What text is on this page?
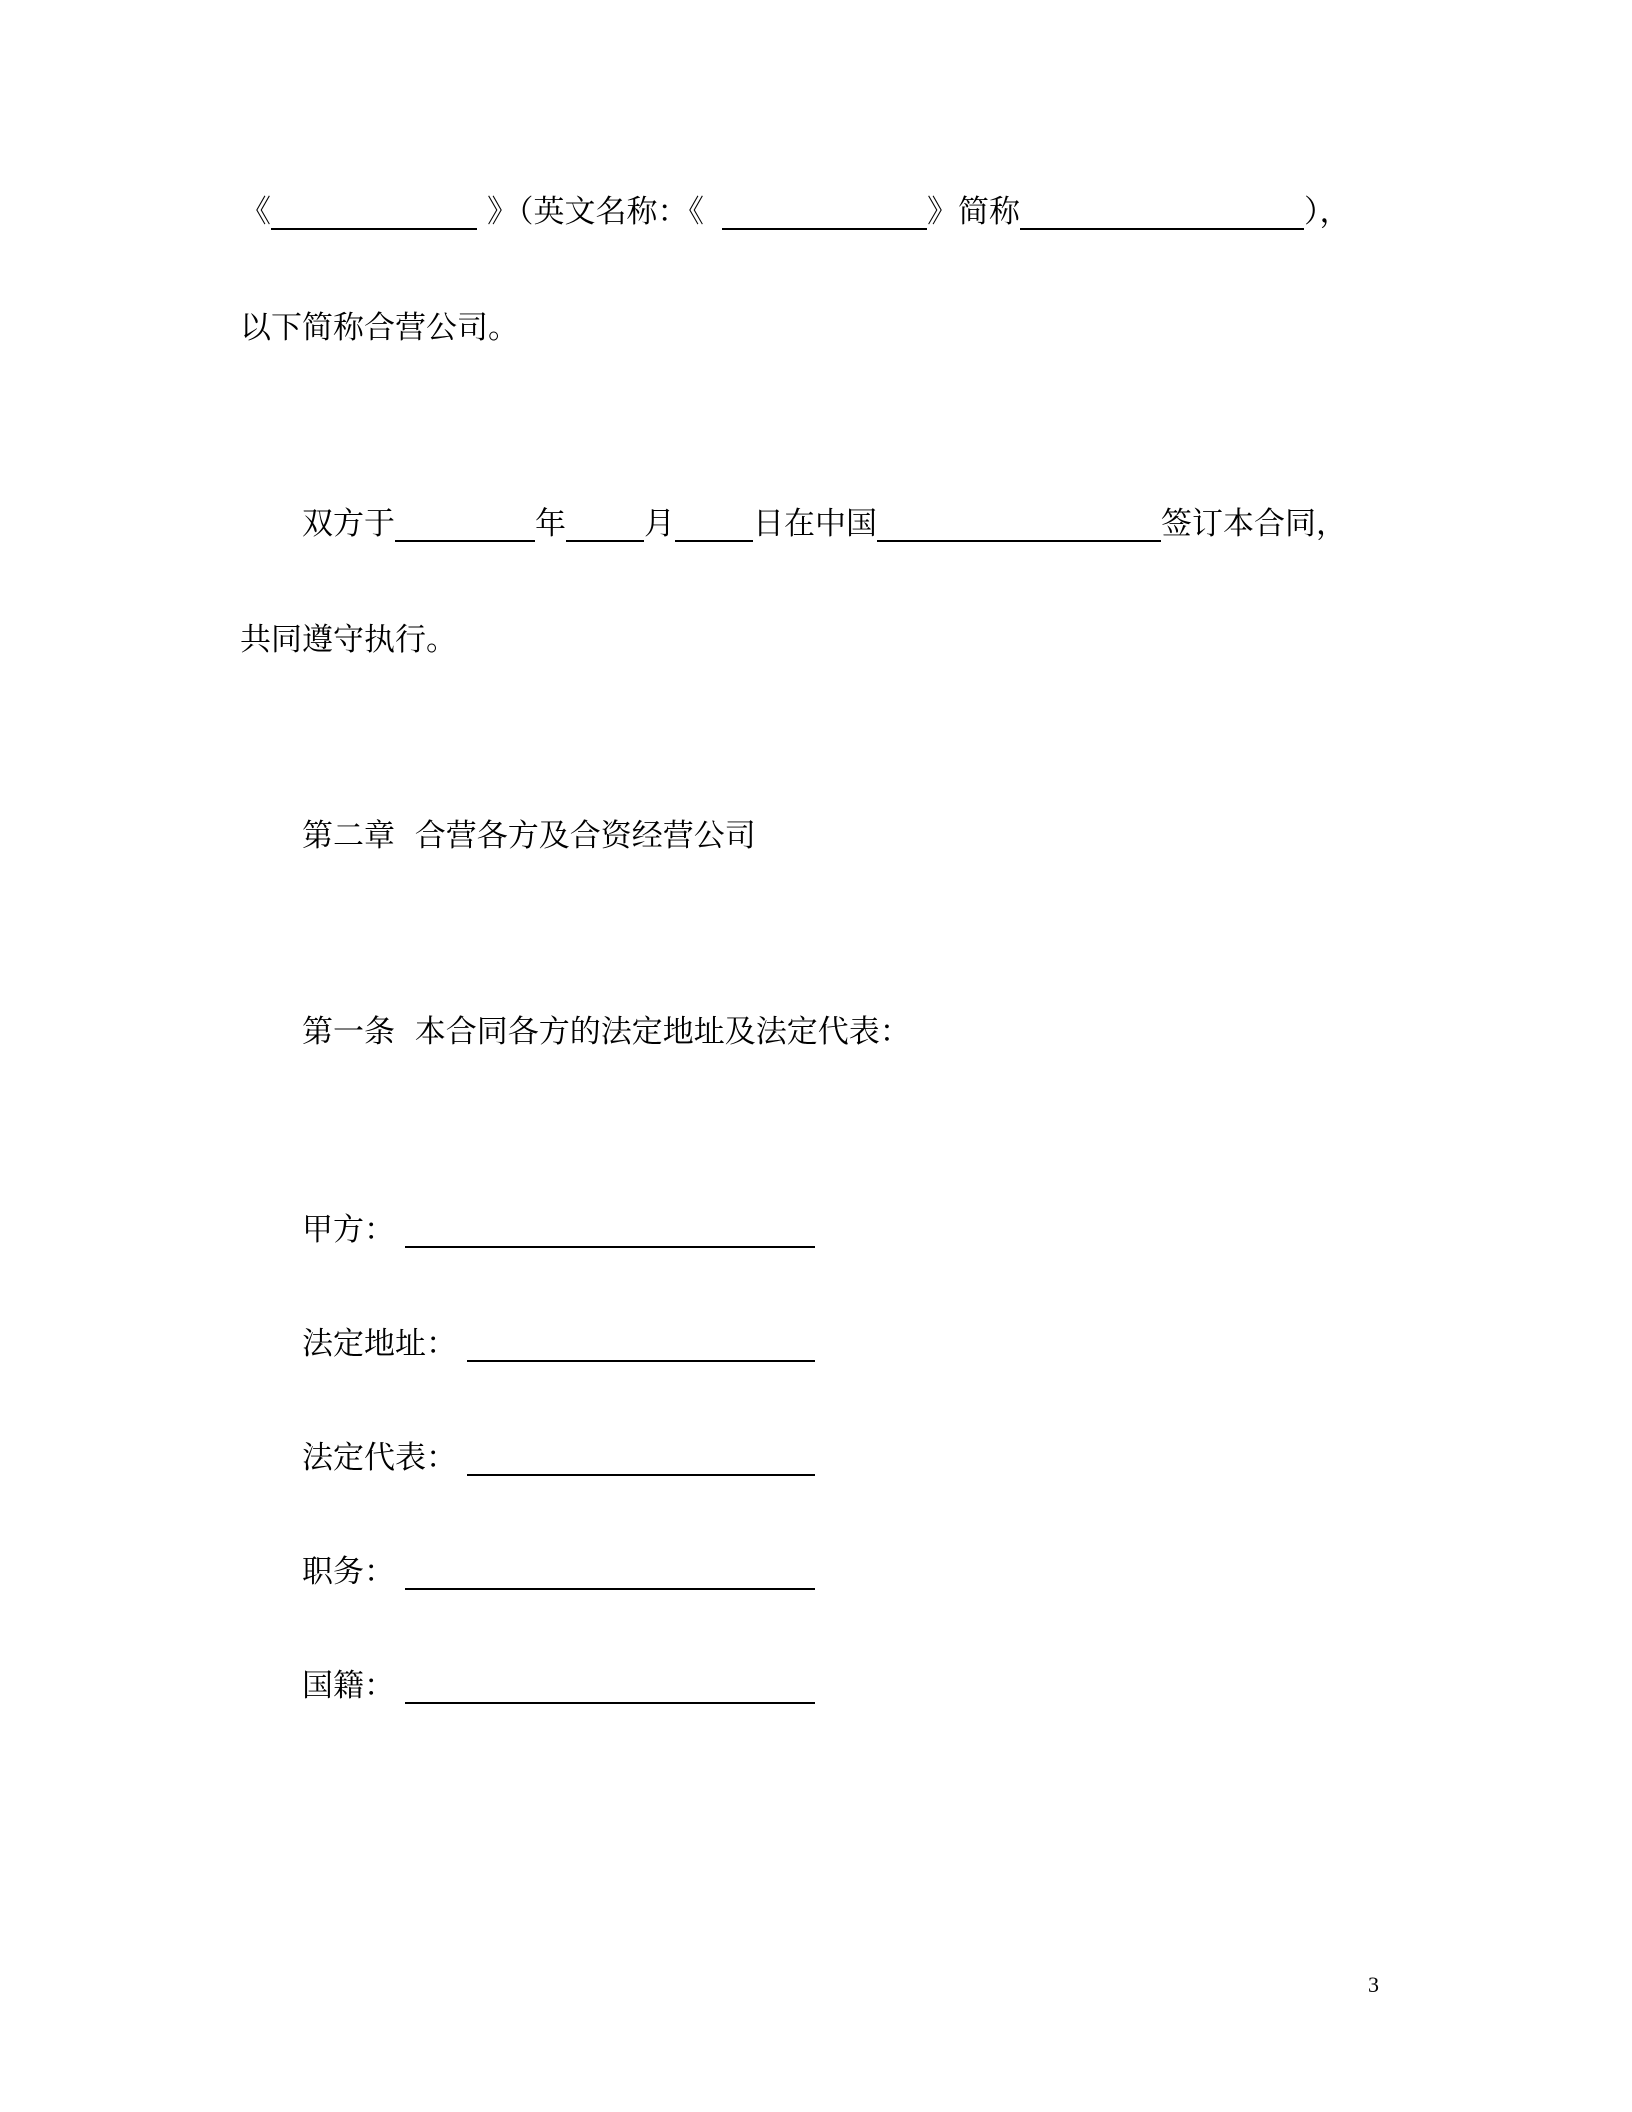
《	》（英文名称：《	》简称	），
以下简称合营公司。
双方于	年	月	日在中国	签订本合同，
共同遵守执行。
第二章  合营各方及合资经营公司
第一条  本合同各方的法定地址及法定代表：
甲方：
法定地址：
法定代表：
职务：
国籍：
3
